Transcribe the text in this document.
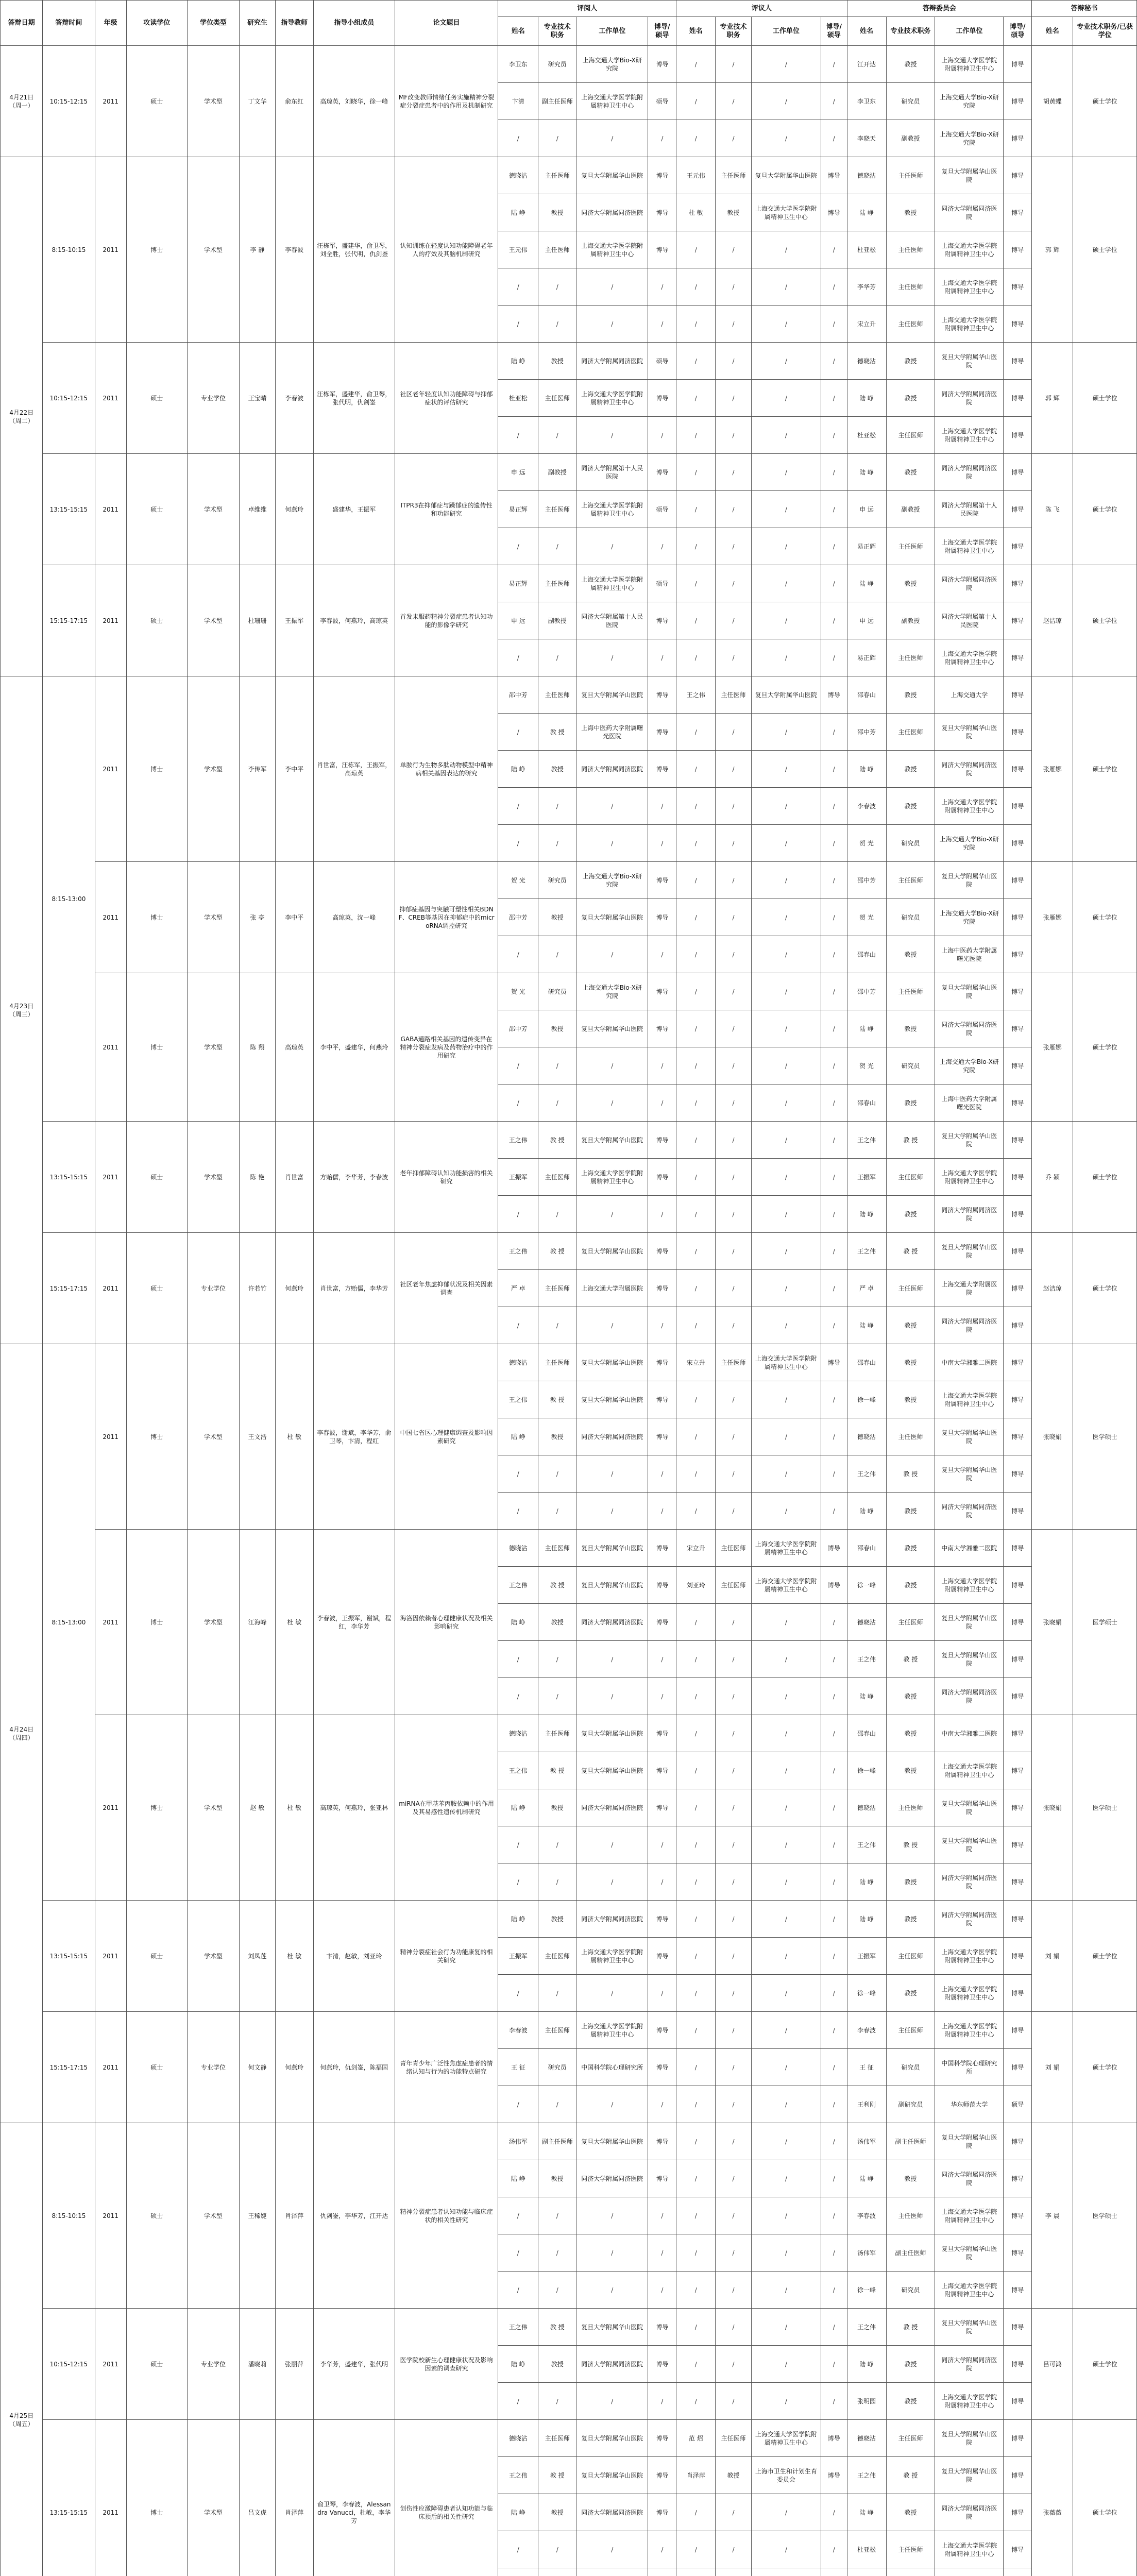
答辩日期	答辩时间	年级	攻读学位	学位类型	研究生	指导教师	指导小组成员	论文题目	评阅人				评议人				答辩委员会				答辩秘书	
									姓名	专业技术职务	工作单位	博导/硕导	姓名	专业技术职务	工作单位	博导/硕导	姓名	专业技术职务	工作单位	博导/硕导	姓名	专业技术职务/已获学位
4月21日（周一）	10:15-12:15	2011	硕士	学术型	丁文华	俞东红	高琼英，刘晓华，徐一峰	MF改变教师情绪任务实施精神分裂症分裂症患者中的作用及机制研究	李卫东	研究员	上海交通大学Bio-X研究院	博导	/	/	/	/	江开达	教授	上海交通大学医学院附属精神卫生中心	博导	胡黄蝶	硕士学位
									卞清	副主任医师	上海交通大学医学院附属精神卫生中心	硕导	/	/	/	/	李卫东	研究员	上海交通大学Bio-X研究院	博导		
									/	/	/	/	/	/	/	/	李晓天	副教授	上海交通大学Bio-X研究院	博导		
4月22日（周二）	8:15-10:15	2011	博士	学术型	李 静	李春波	汪栋军，盛建华，俞卫琴，刘全胜，张代明，仇剑崟	认知训练在轻度认知功能障碍老年人的疗效及其脑机制研究	德晓沾	主任医师	复旦大学附属华山医院	博导	王元伟	主任医师	复旦大学附属华山医院	博导	德晓沾	主任医师	复旦大学附属华山医院	博导	郭 辉	硕士学位
									陆 峥	教授	同济大学附属同济医院	博导	杜 敏	教授	上海交通大学医学院附属精神卫生中心	博导	陆 峥	教授	同济大学附属同济医院	博导		
									王元伟	主任医师	上海交通大学医学院附属精神卫生中心	博导	/	/	/	/	杜亚松	主任医师	上海交通大学医学院附属精神卫生中心	博导		
									/	/	/	/	/	/	/	/	李华芳	主任医师	上海交通大学医学院附属精神卫生中心	博导		
									/	/	/	/	/	/	/	/	宋立升	主任医师	上海交通大学医学院附属精神卫生中心	博导		
	10:15-12:15	2011	硕士	专业学位	王宝晴	李春波	汪栋军，盛建华，俞卫琴，张代明，仇剑崟	社区老年轻度认知功能障碍与抑郁症状的评估研究	陆 峥	教授	同济大学附属同济医院	硕导	/	/	/	/	德晓沾	教授	复旦大学附属华山医院	博导	郭 辉	硕士学位
									杜亚松	主任医师	上海交通大学医学院附属精神卫生中心	博导	/	/	/	/	陆 峥	教授	同济大学附属同济医院	博导		
									/	/	/	/	/	/	/	/	杜亚松	主任医师	上海交通大学医学院附属精神卫生中心	博导		
	13:15-15:15	2011	硕士	学术型	卓维维	何燕玲	盛建华，王振军	ITPR3在抑郁症与躁郁症的遗传性和功能研究	申 远	副教授	同济大学附属第十人民医院	博导	/	/	/	/	陆 峥	教授	同济大学附属同济医院	博导	陈 飞	硕士学位
									易正辉	主任医师	上海交通大学医学院附属精神卫生中心	硕导	/	/	/	/	申 远	副教授	同济大学附属第十人民医院	博导		
									/	/	/	/	/	/	/	/	易正辉	主任医师	上海交通大学医学院附属精神卫生中心	博导		
	15:15-17:15	2011	硕士	学术型	杜珊珊	王振军	李春波，何燕玲，高琼英	首发未服药精神分裂症患者认知功能的影像学研究	易正辉	主任医师	上海交通大学医学院附属精神卫生中心	硕导	/	/	/	/	陆 峥	教授	同济大学附属同济医院	博导	赵洁琼	硕士学位
									申 远	副教授	同济大学附属第十人民医院	博导	/	/	/	/	申 远	副教授	同济大学附属第十人民医院	博导		
									/	/	/	/	/	/	/	/	易正辉	主任医师	上海交通大学医学院附属精神卫生中心	博导		
4月23日（周三）	8:15-13:00	2011	博士	学术型	李传军	李中平	肖世富，汪栋军，王振军，高琼英	单胺行为生物多肽动物模型中精神病相关基因表达的研究	邵中芳	主任医师	复旦大学附属华山医院	博导	王之伟	主任医师	复旦大学附属华山医院	博导	邵春山	教授	上海交通大学	博导	张雁娜	硕士学位
									/	教 授	上海中医药大学附属曙光医院	博导	/	/	/	/	邵中芳	主任医师	复旦大学附属华山医院	博导		
									陆 峥	教授	同济大学附属同济医院	博导	/	/	/	/	陆 峥	教授	同济大学附属同济医院	博导		
									/	/	/	/	/	/	/	/	李春波	教授	上海交通大学医学院附属精神卫生中心	博导		
									/	/	/	/	/	/	/	/	贺 光	研究员	上海交通大学Bio-X研究院	博导		
		2011	博士	学术型	张 亭	李中平	高琼英，沈一峰	抑郁症基因与突触可塑性相关BDNF、CREB等基因在抑郁症中的microRNA调控研究	贺 光	研究员	上海交通大学Bio-X研究院	博导	/	/	/	/	邵中芳	主任医师	复旦大学附属华山医院	博导	张雁娜	硕士学位
									邵中芳	教授	复旦大学附属华山医院	博导	/	/	/	/	贺 光	研究员	上海交通大学Bio-X研究院	博导		
									/	/	/	/	/	/	/	/	邵春山	教授	上海中医药大学附属曙光医院	博导		
		2011	博士	学术型	陈 翔	高琼英	李中平，盛建华，何燕玲	GABA通路相关基因的遗传变异在精神分裂症发病及药物治疗中的作用研究	贺 光	研究员	上海交通大学Bio-X研究院	博导	/	/	/	/	邵中芳	主任医师	复旦大学附属华山医院	博导	张雁娜	硕士学位
									邵中芳	教授	复旦大学附属华山医院	博导	/	/	/	/	陆 峥	教授	同济大学附属同济医院	博导		
									/	/	/	/	/	/	/	/	贺 光	研究员	上海交通大学Bio-X研究院	博导		
									/	/	/	/	/	/	/	/	邵春山	教授	上海中医药大学附属曙光医院	博导		
	13:15-15:15	2011	硕士	学术型	陈 艳	肖世富	方贻儒，李华芳，李春波	老年抑郁障碍认知功能损害的相关研究	王之伟	教 授	复旦大学附属华山医院	博导	/	/	/	/	王之伟	教 授	复旦大学附属华山医院	博导	乔 颖	硕士学位
									王振军	主任医师	上海交通大学医学院附属精神卫生中心	博导	/	/	/	/	王振军	主任医师	上海交通大学医学院附属精神卫生中心	博导		
									/	/	/	/	/	/	/	/	陆 峥	教授	同济大学附属同济医院	博导		
	15:15-17:15	2011	硕士	专业学位	许若竹	何燕玲	肖世富，方贻儒，李华芳	社区老年焦虑抑郁状况及相关因素调查	王之伟	教 授	复旦大学附属华山医院	博导	/	/	/	/	王之伟	教 授	复旦大学附属华山医院	博导	赵洁琼	硕士学位
									严 卓	主任医师	上海交通大学附属医院	博导	/	/	/	/	严 卓	主任医师	上海交通大学附属医院	博导		
									/	/	/	/	/	/	/	/	陆 峥	教授	同济大学附属同济医院	博导		
4月24日（周四）	8:15-13:00	2011	博士	学术型	王文浩	杜 敏	李春波，谢斌，李华芳，俞卫琴，卞清，程红	中国七省区心理健康调查及影响因素研究	德晓沾	主任医师	复旦大学附属华山医院	博导	宋立升	主任医师	上海交通大学医学院附属精神卫生中心	博导	邵春山	教授	中南大学湘雅二医院	博导	张晓娟	医学硕士
									王之伟	教 授	复旦大学附属华山医院	博导	/	/	/	/	徐一峰	教授	上海交通大学医学院附属精神卫生中心	博导		
									陆 峥	教授	同济大学附属同济医院	博导	/	/	/	/	德晓沾	主任医师	复旦大学附属华山医院	博导		
									/	/	/	/	/	/	/	/	王之伟	教 授	复旦大学附属华山医院	博导		
									/	/	/	/	/	/	/	/	陆 峥	教授	同济大学附属同济医院	博导		
		2011	博士	学术型	江海峰	杜 敏	李春波，王振军，谢斌，程红，李华芳	海洛因依赖者心理健康状况及相关影响研究	德晓沾	主任医师	复旦大学附属华山医院	博导	宋立升	主任医师	上海交通大学医学院附属精神卫生中心	博导	邵春山	教授	中南大学湘雅二医院	博导	张晓娟	医学硕士
									王之伟	教 授	复旦大学附属华山医院	博导	刘亚玲	主任医师	上海交通大学医学院附属精神卫生中心	博导	徐一峰	教授	上海交通大学医学院附属精神卫生中心	博导		
									陆 峥	教授	同济大学附属同济医院	博导	/	/	/	/	德晓沾	主任医师	复旦大学附属华山医院	博导		
									/	/	/	/	/	/	/	/	王之伟	教 授	复旦大学附属华山医院	博导		
									/	/	/	/	/	/	/	/	陆 峥	教授	同济大学附属同济医院	博导		
		2011	博士	学术型	赵 敏	杜 敏	高琼英，何燕玲，张亚林	miRNA在甲基苯丙胺依赖中的作用及其易感性遗传机制研究	德晓沾	主任医师	复旦大学附属华山医院	博导	/	/	/	/	邵春山	教授	中南大学湘雅二医院	博导	张晓娟	医学硕士
									王之伟	教 授	复旦大学附属华山医院	博导	/	/	/	/	徐一峰	教授	上海交通大学医学院附属精神卫生中心	博导		
									陆 峥	教授	同济大学附属同济医院	博导	/	/	/	/	德晓沾	主任医师	复旦大学附属华山医院	博导		
									/	/	/	/	/	/	/	/	王之伟	教 授	复旦大学附属华山医院	博导		
									/	/	/	/	/	/	/	/	陆 峥	教授	同济大学附属同济医院	博导		
	13:15-15:15	2011	硕士	学术型	刘凤莲	杜 敏	卞清，赵敏，刘亚玲	精神分裂症社会行为功能康复的相关研究	陆 峥	教授	同济大学附属同济医院	博导	/	/	/	/	陆 峥	教授	同济大学附属同济医院	博导	刘 娟	硕士学位
									王振军	主任医师	上海交通大学医学院附属精神卫生中心	博导	/	/	/	/	王振军	主任医师	上海交通大学医学院附属精神卫生中心	博导		
									/	/	/	/	/	/	/	/	徐一峰	教授	上海交通大学医学院附属精神卫生中心	博导		
	15:15-17:15	2011	硕士	专业学位	何文静	何燕玲	何燕玲，仇剑崟，陈福国	青年青少年广泛性焦虑症患者的情绪认知与行为的功能特点研究	李春波	主任医师	上海交通大学医学院附属精神卫生中心	博导	/	/	/	/	李春波	主任医师	上海交通大学医学院附属精神卫生中心	博导	刘 娟	硕士学位
									王 征	研究员	中国科学院心理研究所	博导	/	/	/	/	王 征	研究员	中国科学院心理研究所	博导		
									/	/	/	/	/	/	/	/	王利刚	副研究员	华东师范大学	硕导		
4月25日（周五）	8:15-10:15	2011	硕士	学术型	王稀婕	肖泽萍	仇剑崟，李华芳，江开达	精神分裂症患者认知功能与临床症状的相关性研究	汤伟军	副主任医师	复旦大学附属华山医院	博导	/	/	/	/	汤伟军	副主任医师	复旦大学附属华山医院	博导	李 晨	医学硕士
									陆 峥	教授	同济大学附属同济医院	博导	/	/	/	/	陆 峥	教授	同济大学附属同济医院	博导		
									/	/	/	/	/	/	/	/	李春波	主任医师	上海交通大学医学院附属精神卫生中心	博导		
									/	/	/	/	/	/	/	/	汤伟军	副主任医师	复旦大学附属华山医院	博导		
									/	/	/	/	/	/	/	/	徐一峰	研究员	上海交通大学医学院附属精神卫生中心	博导		
	10:15-12:15	2011	硕士	专业学位	潘晓莉	张丽萍	李华芳，盛建华，张代明	医学院校新生心理健康状况及影响因素的调查研究	王之伟	教 授	复旦大学附属华山医院	博导	/	/	/	/	王之伟	教 授	复旦大学附属华山医院	博导	吕可鸿	硕士学位
									陆 峥	教授	同济大学附属同济医院	博导	/	/	/	/	陆 峥	教授	同济大学附属同济医院	博导		
									/	/	/	/	/	/	/	/	张明园	教授	上海交通大学医学院附属精神卫生中心	博导		
	13:15-15:15	2011	博士	学术型	吕文虎	肖泽萍	俞卫琴，李春波，Alessandra Vanucci，杜敏，李华芳	创伤性应激障碍患者认知功能与临床预后的相关性研究	德晓沾	主任医师	复旦大学附属华山医院	博导	范 炤	主任医师	上海交通大学医学院附属精神卫生中心	博导	德晓沾	主任医师	复旦大学附属华山医院	博导	张薇薇	硕士学位
									王之伟	教 授	复旦大学附属华山医院	博导	肖泽萍	教授	上海市卫生和计划生育委员会	博导	王之伟	教 授	复旦大学附属华山医院	博导		
									陆 峥	教授	同济大学附属同济医院	博导	/	/	/	/	陆 峥	教授	同济大学附属同济医院	博导		
									/	/	/	/	/	/	/	/	杜亚松	主任医师	上海交通大学医学院附属精神卫生中心	博导		
